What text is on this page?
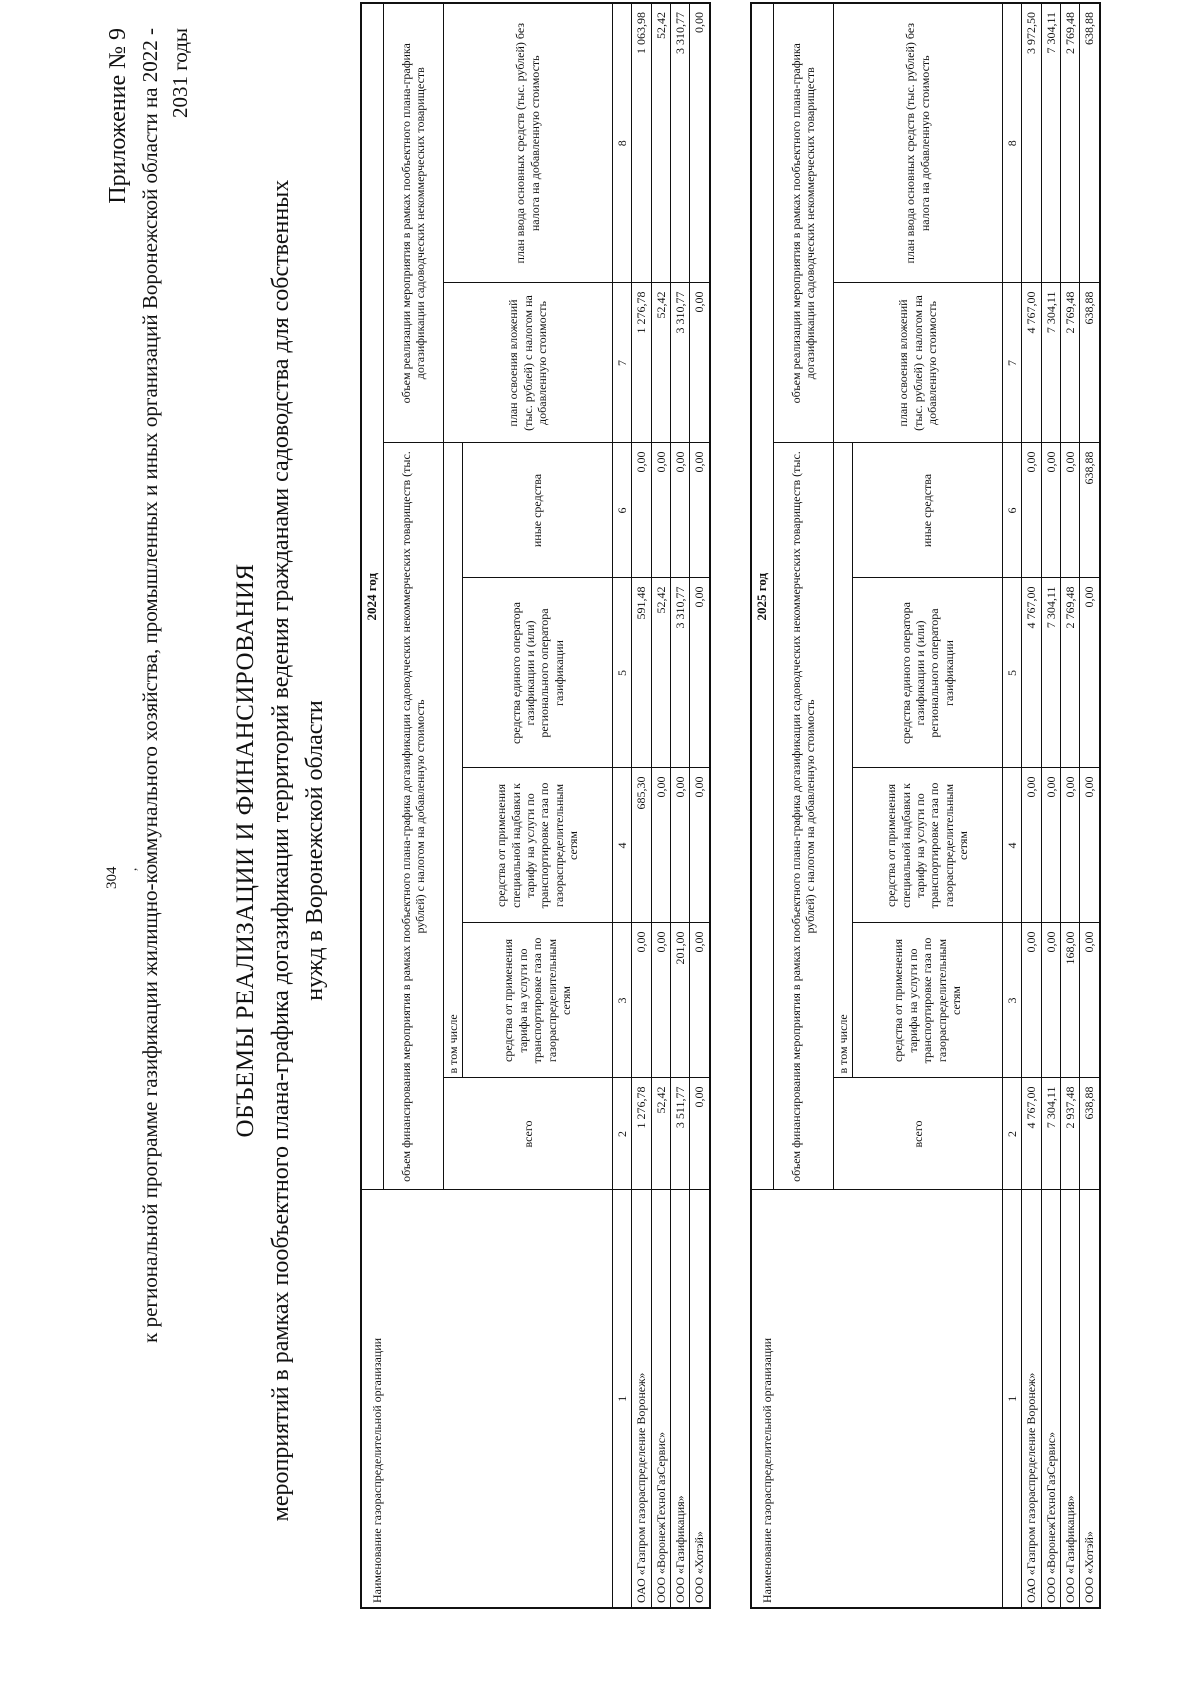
304 ,
Приложение № 9 к региональной программе газификации жилищно-коммунального хозяйства, промышленных и иных организаций Воронежской области на 2022 - 2031 годы
ОБЪЕМЫ РЕАЛИЗАЦИИ И ФИНАНСИРОВАНИЯ мероприятий в рамках пообъектного плана-графика догазификации территорий ведения гражданами садоводства для собственных нужд в Воронежской области
Наименование газораспределительной организации	2024 год						
	объем финансирования мероприятия в рамках пообъектного плана-графика догазификации садоводческих некоммерческих товариществ (тыс. рублей) с налогом на добавленную стоимость					объем реализации мероприятия в рамках пообъектного плана-графика догазификации садоводческих некоммерческих товариществ	
	всего	в том числе				план освоения вложений (тыс. рублей) с налогом на добавленную стоимость	план ввода основных средств (тыс. рублей) без налога на добавленную стоимость
		средства от применения тарифа на услуги по транспортировке газа по газораспределительным сетям	средства от применения специальной надбавки к тарифу на услуги по транспортировке газа по газораспределительным сетям	средства единого оператора газификации и (или) регионального оператора газификации	иные средства		
1	2	3	4	5	6	7	8
ОАО «Газпром газораспределение Воронеж»	1 276,78	0,00	685,30	591,48	0,00	1 276,78	1 063,98
ООО «ВоронежТехноГазСервис»	52,42	0,00	0,00	52,42	0,00	52,42	52,42
ООО «Газификация»	3 511,77	201,00	0,00	3 310,77	0,00	3 310,77	3 310,77
ООО «Хотэй»	0,00	0,00	0,00	0,00	0,00	0,00	0,00
Наименование газораспределительной организации	2025 год						
	объем финансирования мероприятия в рамках пообъектного плана-графика догазификации садоводческих некоммерческих товариществ (тыс. рублей) с налогом на добавленную стоимость					объем реализации мероприятия в рамках пообъектного плана-графика догазификации садоводческих некоммерческих товариществ	
	всего	в том числе				план освоения вложений (тыс. рублей) с налогом на добавленную стоимость	план ввода основных средств (тыс. рублей) без налога на добавленную стоимость
		средства от применения тарифа на услуги по транспортировке газа по газораспределительным сетям	средства от применения специальной надбавки к тарифу на услуги по транспортировке газа по газораспределительным сетям	средства единого оператора газификации и (или) регионального оператора газификации	иные средства		
1	2	3	4	5	6	7	8
ОАО «Газпром газораспределение Воронеж»	4 767,00	0,00	0,00	4 767,00	0,00	4 767,00	3 972,50
ООО «ВоронежТехноГазСервис»	7 304,11	0,00	0,00	7 304,11	0,00	7 304,11	7 304,11
ООО «Газификация»	2 937,48	168,00	0,00	2 769,48	0,00	2 769,48	2 769,48
ООО «Хотэй»	638,88	0,00	0,00	0,00	638,88	638,88	638,88
